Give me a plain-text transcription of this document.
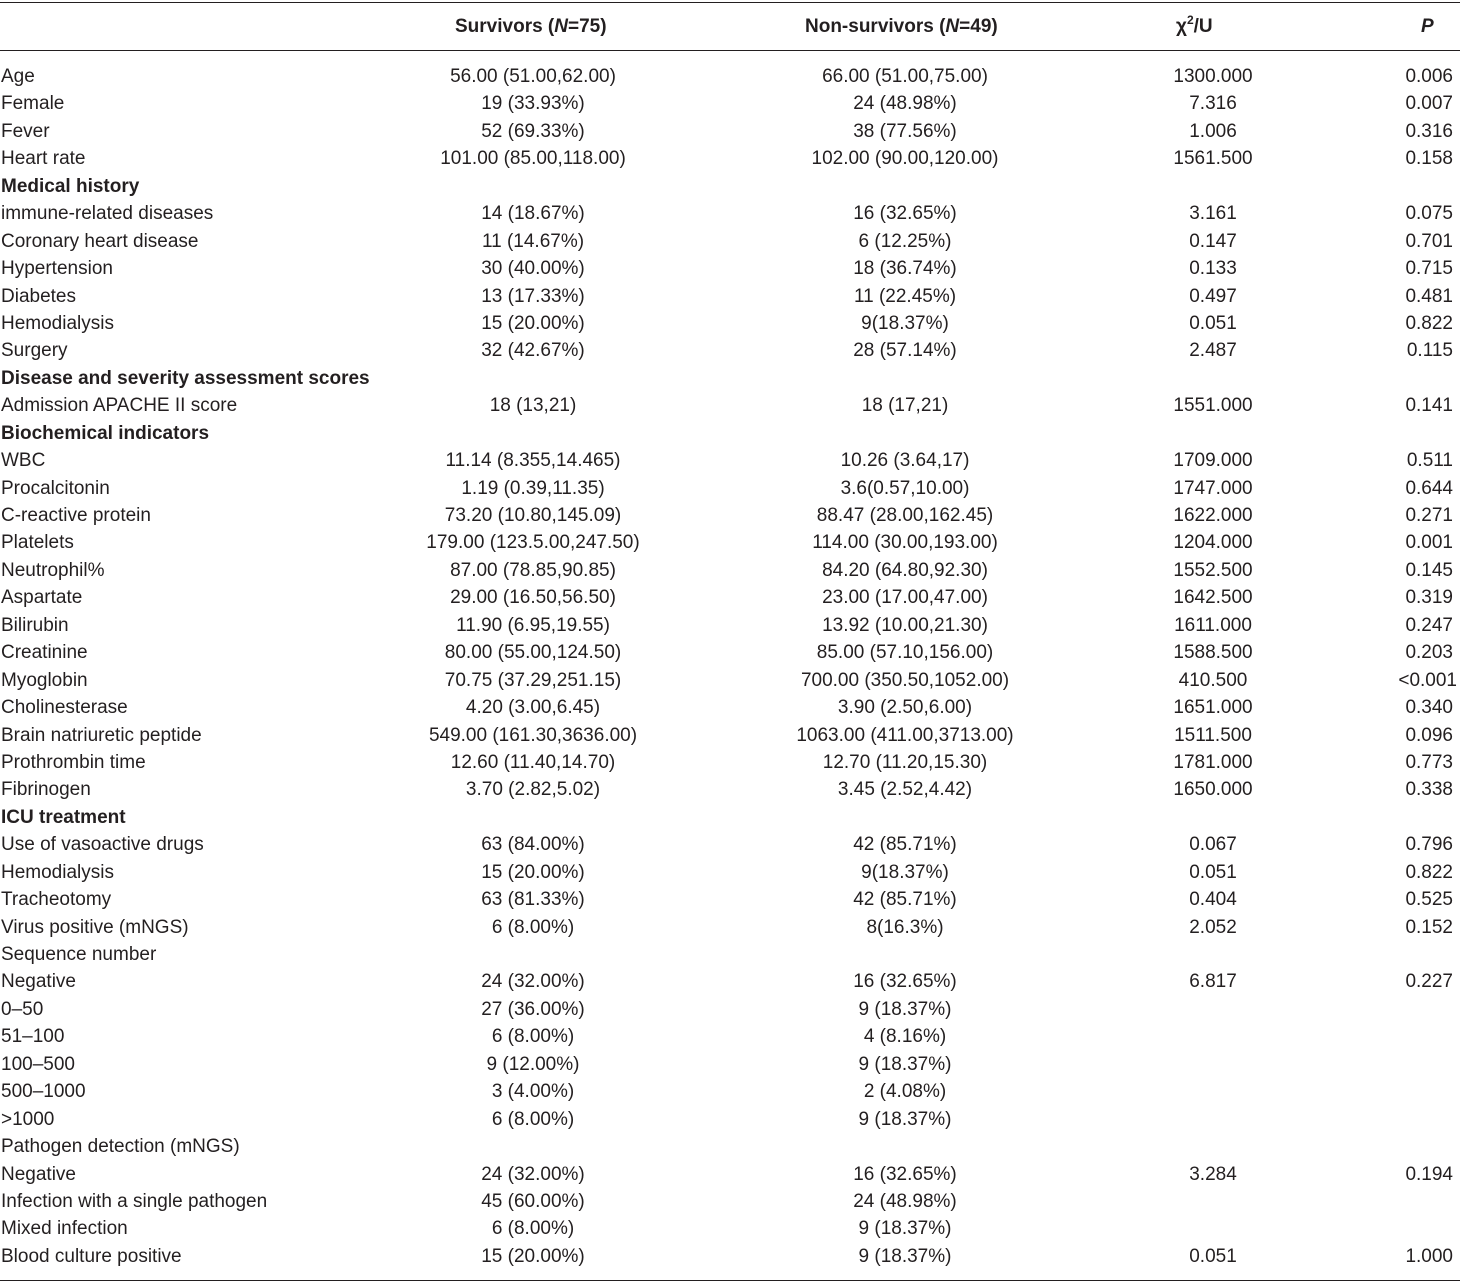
Survivors (N=75)	Non-survivors (N=49)	$\chi^2/U$	P
Age	56.00 (51.00,62.00)	66.00 (51.00,75.00)	1300.000	0.006
Female	19 (33.93%)	24 (48.98%)	7.316	0.007
Fever	52 (69.33%)	38 (77.56%)	1.006	0.316
Heart rate	101.00 (85.00,118.00)	102.00 (90.00,120.00)	1561.500	0.158
Medical history
immune-related diseases	14 (18.67%)	16 (32.65%)	3.161	0.075
Coronary heart disease	11 (14.67%)	6 (12.25%)	0.147	0.701
Hypertension	30 (40.00%)	18 (36.74%)	0.133	0.715
Diabetes	13 (17.33%)	11 (22.45%)	0.497	0.481
Hemodialysis	15 (20.00%)	9(18.37%)	0.051	0.822
Surgery	32 (42.67%)	28 (57.14%)	2.487	0.115
Disease and severity assessment scores
Admission APACHE II score	18 (13,21)	18 (17,21)	1551.000	0.141
Biochemical indicators
WBC	11.14 (8.355,14.465)	10.26 (3.64,17)	1709.000	0.511
Procalcitonin	1.19 (0.39,11.35)	3.6(0.57,10.00)	1747.000	0.644
C-reactive protein	73.20 (10.80,145.09)	88.47 (28.00,162.45)	1622.000	0.271
Platelets	179.00 (123.5.00,247.50)	114.00 (30.00,193.00)	1204.000	0.001
Neutrophil%	87.00 (78.85,90.85)	84.20 (64.80,92.30)	1552.500	0.145
Aspartate	29.00 (16.50,56.50)	23.00 (17.00,47.00)	1642.500	0.319
Bilirubin	11.90 (6.95,19.55)	13.92 (10.00,21.30)	1611.000	0.247
Creatinine	80.00 (55.00,124.50)	85.00 (57.10,156.00)	1588.500	0.203
Myoglobin	70.75 (37.29,251.15)	700.00 (350.50,1052.00)	410.500	<0.001
Cholinesterase	4.20 (3.00,6.45)	3.90 (2.50,6.00)	1651.000	0.340
Brain natriuretic peptide	549.00 (161.30,3636.00)	1063.00 (411.00,3713.00)	1511.500	0.096
Prothrombin time	12.60 (11.40,14.70)	12.70 (11.20,15.30)	1781.000	0.773
Fibrinogen	3.70 (2.82,5.02)	3.45 (2.52,4.42)	1650.000	0.338
ICU treatment
Use of vasoactive drugs	63 (84.00%)	42 (85.71%)	0.067	0.796
Hemodialysis	15 (20.00%)	9(18.37%)	0.051	0.822
Tracheotomy	63 (81.33%)	42 (85.71%)	0.404	0.525
Virus positive (mNGS)	6 (8.00%)	8(16.3%)	2.052	0.152
Sequence number
Negative	24 (32.00%)	16 (32.65%)	6.817	0.227
0–50	27 (36.00%)	9 (18.37%)
51–100	6 (8.00%)	4 (8.16%)
100–500	9 (12.00%)	9 (18.37%)
500–1000	3 (4.00%)	2 (4.08%)
>1000	6 (8.00%)	9 (18.37%)
Pathogen detection (mNGS)
Negative	24 (32.00%)	16 (32.65%)	3.284	0.194
Infection with a single pathogen	45 (60.00%)	24 (48.98%)
Mixed infection	6 (8.00%)	9 (18.37%)
Blood culture positive	15 (20.00%)	9 (18.37%)	0.051	1.000
